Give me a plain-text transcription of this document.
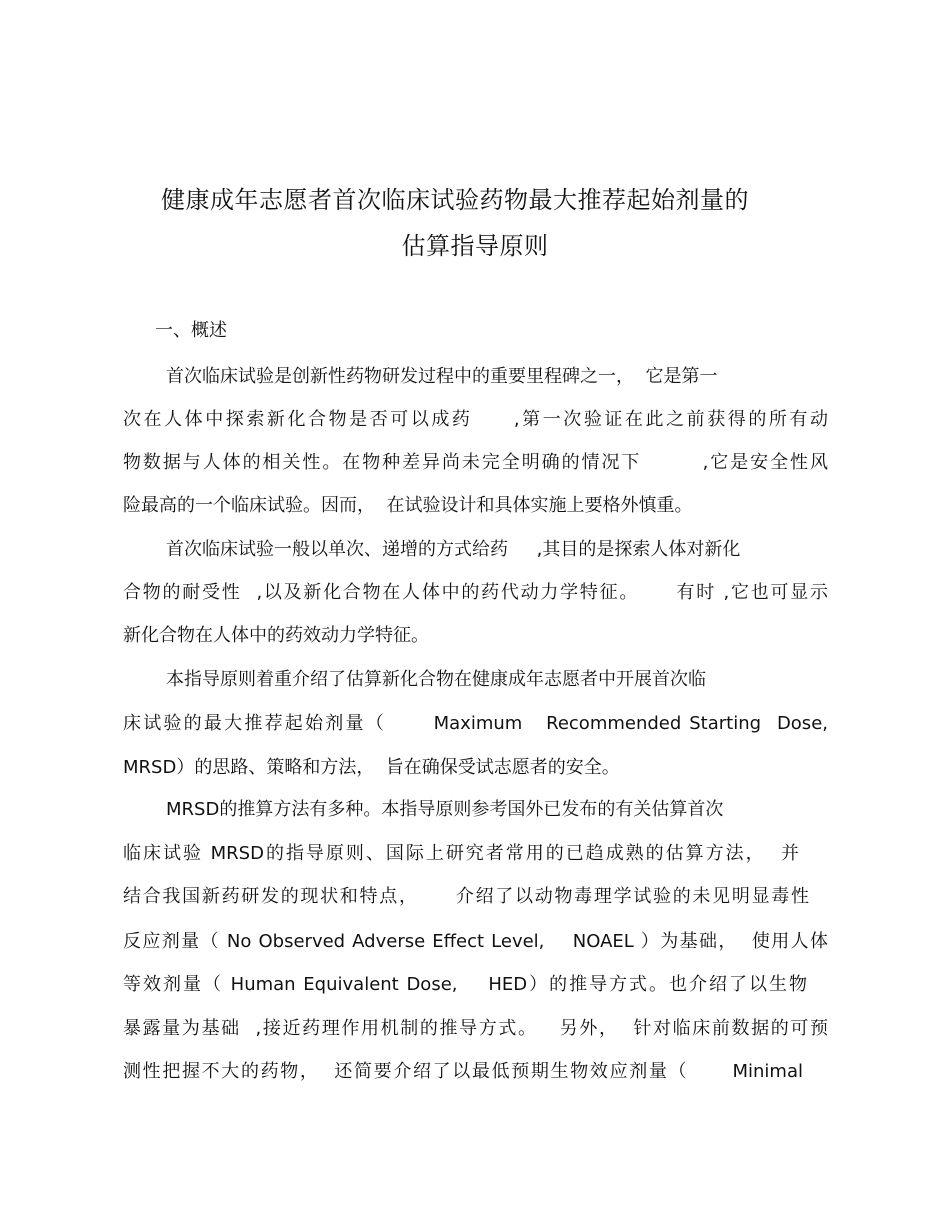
健康成年志愿者首次临床试验药物最大推荐起始剂量的
估算指导原则
一、概述
首次临床试验是创新性药物研发过程中的重要里程碑之一，  它是第一
次在人体中探索新化合物是否可以成药     ,第一次验证在此之前获得的所有动
物数据与人体的相关性。在物种差异尚未完全明确的情况下        ,它是安全性风
险最高的一个临床试验。因而，  在试验设计和具体实施上要格外慎重。
首次临床试验一般以单次、递增的方式给药     ,其目的是探索人体对新化
合物的耐受性  ,以及新化合物在人体中的药代动力学特征。     有时 ,它也可显示
新化合物在人体中的药效动力学特征。
本指导原则着重介绍了估算新化合物在健康成年志愿者中开展首次临
床试验的最大推荐起始剂量（      Maximum   Recommended Starting  Dose,
MRSD）的思路、策略和方法，  旨在确保受试志愿者的安全。
MRSD的推算方法有多种。本指导原则参考国外已发布的有关估算首次
临床试验 MRSD的指导原则、国际上研究者常用的已趋成熟的估算方法，  并
结合我国新药研发的现状和特点，     介绍了以动物毒理学试验的未见明显毒性
反应剂量（ No Observed Adverse Effect Level,    NOAEL ）为基础，  使用人体
等效剂量（ Human Equivalent Dose,    HED）的推导方式。也介绍了以生物
暴露量为基础  ,接近药理作用机制的推导方式。   另外，  针对临床前数据的可预
测性把握不大的药物，  还简要介绍了以最低预期生物效应剂量（      Minimal
